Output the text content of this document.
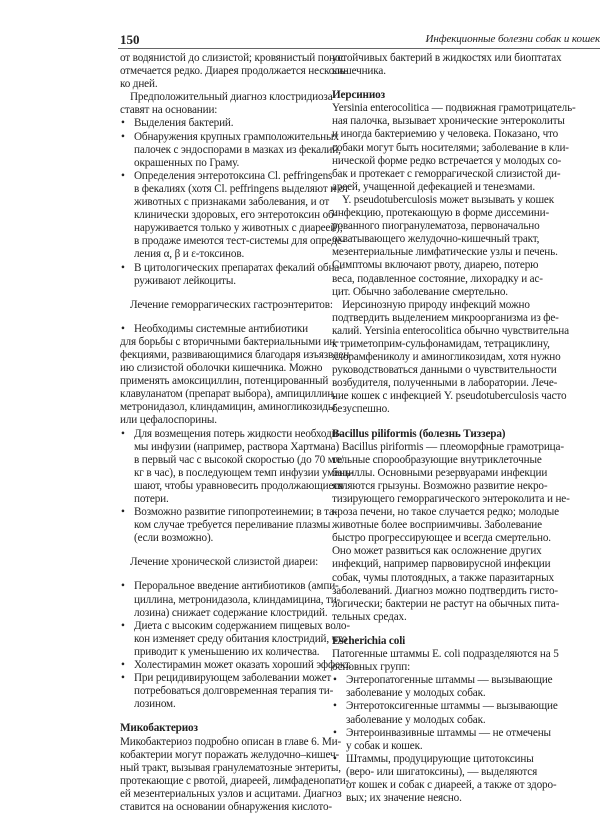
150	Инфекционные болезни собак и кошек
от водянистой до слизистой; кровянистый понос
отмечается редко. Диарея продолжается несколь-
ко дней.
Предположительный диагноз клостридиоза
ставят на основании:
• Выделения бактерий.
• Обнаружения крупных грамположительных
палочек с эндоспорами в мазках из фекалий,
окрашенных по Граму.
• Определения энтеротоксина Cl. peffringens
в фекалиях (хотя Cl. peffringens выделяют и от
животных с признаками заболевания, и от
клинически здоровых, его энтеротоксин об-
наруживается только у животных с диареей);
в продаже имеются тест-системы для опреде-
ления α, β и ε-токсинов.
• В цитологических препаратах фекалий обна-
руживают лейкоциты.
Лечение геморрагических гастроэнтеритов:
• Необходимы системные антибиотики
для борьбы с вторичными бактериальными ин-
фекциями, развивающимися благодаря изъязвлен-
ию слизистой оболочки кишечника. Можно
применять амоксициллин, потенцированный
клавуланатом (препарат выбора), ампициллин,
метронидазол, клиндамицин, аминогликозиды
или цефалоспорины.
• Для возмещения потерь жидкости необходи-
мы инфузии (например, раствора Хартмана)
в первый час с высокой скоростью (до 70 мл/
кг в час), в последующем темп инфузии умень-
шают, чтобы уравновесить продолжающиеся
потери.
• Возможно развитие гипопротеинемии; в та-
ком случае требуется переливание плазмы
(если возможно).
Лечение хронической слизистой диареи:
• Пероральное введение антибиотиков (ампи-
циллина, метронидазола, клиндамицина, ти-
лозина) снижает содержание клостридий.
• Диета с высоким содержанием пищевых воло-
кон изменяет среду обитания клостридий, что
приводит к уменьшению их количества.
• Холестирамин может оказать хороший эффект.
• При рецидивирующем заболевании может
потребоваться долговременная терапия ти-
лозином.
Микобактериоз
Микобактериоз подробно описан в главе 6. Ми-
кобактерии могут поражать желудочно–кишеч-
ный тракт, вызывая гранулематозные энтериты,
протекающие с рвотой, диареей, лимфаденопати-
ей мезентериальных узлов и асцитами. Диагноз
ставится на основании обнаружения кислото-
устойчивых бактерий в жидкостях или биоптатах
кишечника.
Иерсиниоз
Yersinia enterocolitica — подвижная грамотрицатель-
ная палочка, вызывает хронические энтероколиты
и иногда бактериемию у человека. Показано, что
собаки могут быть носителями; заболевание в кли-
нической форме редко встречается у молодых со-
бак и протекает с геморрагической слизистой ди-
ареей, учащенной дефекацией и тенезмами.
Y. pseudotuberculosis может вызывать у кошек
инфекцию, протекающую в форме диссемини-
рованного пиогранулематоза, первоначально
охватывающего желудочно-кишечный тракт,
мезентериальные лимфатические узлы и печень.
Симптомы включают рвоту, диарею, потерю
веса, подавленное состояние, лихорадку и ас-
цит. Обычно заболевание смертельно.
Иерсинозную природу инфекций можно
подтвердить выделением микроорганизма из фе-
калий. Yersinia enterocolitica обычно чувствительна
к триметоприм-сульфонамидам, тетрациклину,
хлорамфениколу и аминогликозидам, хотя нужно
руководствоваться данными о чувствительности
возбудителя, полученными в лаборатории. Лече-
ние кошек с инфекцией Y. pseudotuberculosis часто
безуспешно.
Bacillus piliformis (болезнь Тиззера)
Bacillus piriformis — плеоморфные грамотрица-
тельные спорообразующие внутриклеточные
бациллы. Основными резервуарами инфекции
являются грызуны. Возможно развитие некро-
тизирующего геморрагического энтероколита и не-
кроза печени, но такое случается редко; молодые
животные более восприимчивы. Заболевание
быстро прогрессирующее и всегда смертельно.
Оно может развиться как осложнение других
инфекций, например парвовирусной инфекции
собак, чумы плотоядных, а также паразитарных
заболеваний. Диагноз можно подтвердить гисто-
логически; бактерии не растут на обычных пита-
тельных средах.
Escherichia coli
Патогенные штаммы E. coli подразделяются на 5
основных групп:
• Энтеропатогенные штаммы — вызывающие
заболевание у молодых собак.
• Энтеротоксигенные штаммы — вызывающие
заболевание у молодых собак.
• Энтероинвазивные штаммы — не отмечены
у собак и кошек.
• Штаммы, продуцирующие цитотоксины
(веро- или шигатоксины), — выделяются
от кошек и собак с диареей, а также от здоро-
вых; их значение неясно.
